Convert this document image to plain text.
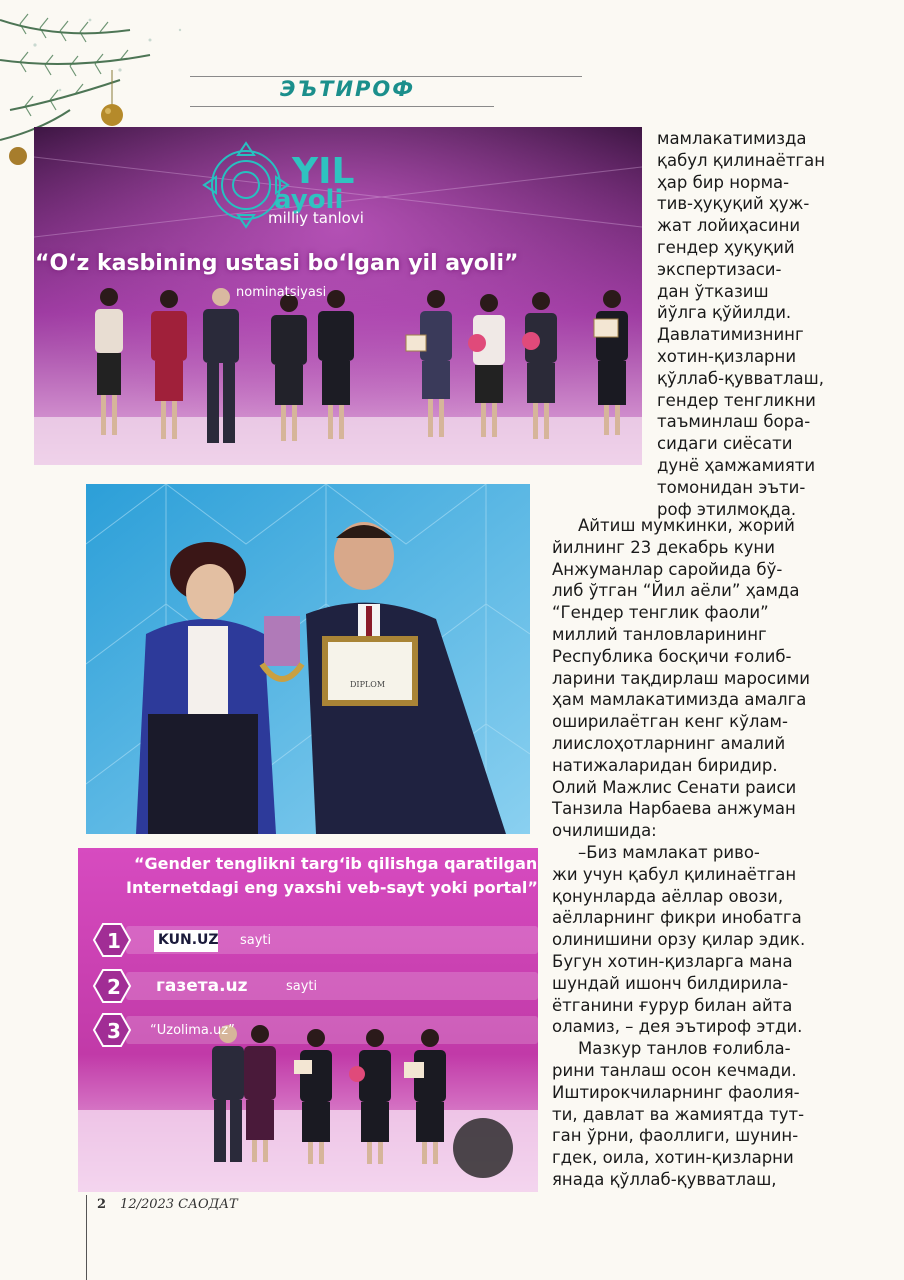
ЭЪТИРОФ
YIL
ayoli
milliy tanlovi
“O‘z kasbining ustasi bo‘lgan yil ayoli”
nominatsiyasi
DIPLOM
“Gender tenglikni targ‘ib qilishga qaratilgan
Internetdagi eng yaxshi veb-sayt yoki portal”
1	KUN.UZ sayti
2 газета.uz	sayti
3 “Uzolima.uz”

мамлакатимизда

қабул қилинаётган

ҳар бир норма-

тив-ҳуқуқий ҳуж-

жат лойиҳасини

гендер ҳуқуқий

экспертизаси-

дан ўтказиш

йўлга қўйилди.

Давлатимизнинг

хотин-қизларни

қўллаб-қувватлаш,

гендер тенгликни

таъминлаш бора-

сидаги сиёсати

дунё ҳамжамияти

томонидан эъти-

роф этилмоқда.

Айтиш мумкинки, жорий

йилнинг 23 декабрь куни

Анжуманлар саройида бў-

либ ўтган “Йил аёли” ҳамда

“Гендер тенглик фаоли”

миллий танловларининг

Республика босқичи ғолиб-

ларини тақдирлаш маросими

ҳам мамлакатимизда амалга

оширилаётган кенг кўлам-

лиислоҳотларнинг амалий

натижаларидан биридир.

Олий Мажлис Сенати раиси

Танзила Нарбаева анжуман

очилишида:

–Биз мамлакат риво-

жи учун қабул қилинаётган

қонунларда аёллар овози,

аёлларнинг фикри инобатга

олинишини орзу қилар эдик.

Бугун хотин-қизларга мана

шундай ишонч билдирила-

ётганини ғурур билан айта

оламиз, – дея эътироф этди.

Мазкур танлов ғолибла-

рини танлаш осон кечмади.

Иштирокчиларнинг фаолия-

ти, давлат ва жамиятда тут-

ган ўрни, фаоллиги, шунин-

гдек, оила, хотин-қизларни

янада қўллаб-қувватлаш,

2 12/2023 САОДАТ
